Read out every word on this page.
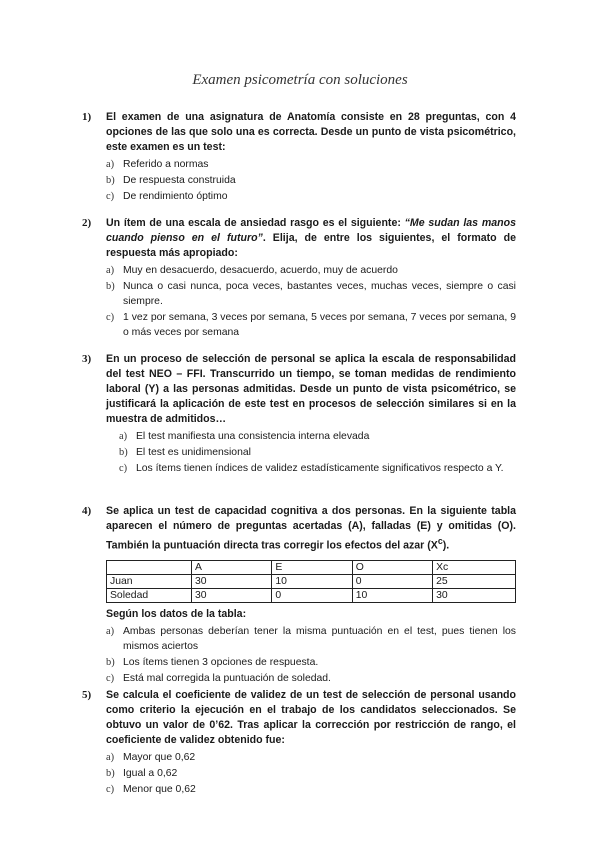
Examen psicometría con soluciones
1) El examen de una asignatura de Anatomía consiste en 28 preguntas, con 4 opciones de las que solo una es correcta. Desde un punto de vista psicométrico, este examen es un test:
a) Referido a normas
b) De respuesta construida
c) De rendimiento óptimo
2) Un ítem de una escala de ansiedad rasgo es el siguiente: “Me sudan las manos cuando pienso en el futuro”. Elija, de entre los siguientes, el formato de respuesta más apropiado:
a) Muy en desacuerdo, desacuerdo, acuerdo, muy de acuerdo
b) Nunca o casi nunca, poca veces, bastantes veces, muchas veces, siempre o casi siempre.
c) 1 vez por semana, 3 veces por semana, 5 veces por semana, 7 veces por semana, 9 o más veces por semana
3) En un proceso de selección de personal se aplica la escala de responsabilidad del test NEO – FFI. Transcurrido un tiempo, se toman medidas de rendimiento laboral (Y) a las personas admitidas. Desde un punto de vista psicométrico, se justificará la aplicación de este test en procesos de selección similares si en la muestra de admitidos…
a) El test manifiesta una consistencia interna elevada
b) El test es unidimensional
c) Los ítems tienen índices de validez estadísticamente significativos respecto a Y.
4) Se aplica un test de capacidad cognitiva a dos personas. En la siguiente tabla aparecen el número de preguntas acertadas (A), falladas (E) y omitidas (O). También la puntuación directa tras corregir los efectos del azar $(X^c)$.
	A	E	O	Xc
Juan	30	10	0	25
Soledad	30	0	10	30
Según los datos de la tabla:
a) Ambas personas deberían tener la misma puntuación en el test, pues tienen los mismos aciertos
b) Los ítems tienen 3 opciones de respuesta.
c) Está mal corregida la puntuación de soledad.
5) Se calcula el coeficiente de validez de un test de selección de personal usando como criterio la ejecución en el trabajo de los candidatos seleccionados. Se obtuvo un valor de 0’62. Tras aplicar la corrección por restricción de rango, el coeficiente de validez obtenido fue:
a) Mayor que 0,62
b) Igual a 0,62
c) Menor que 0,62
